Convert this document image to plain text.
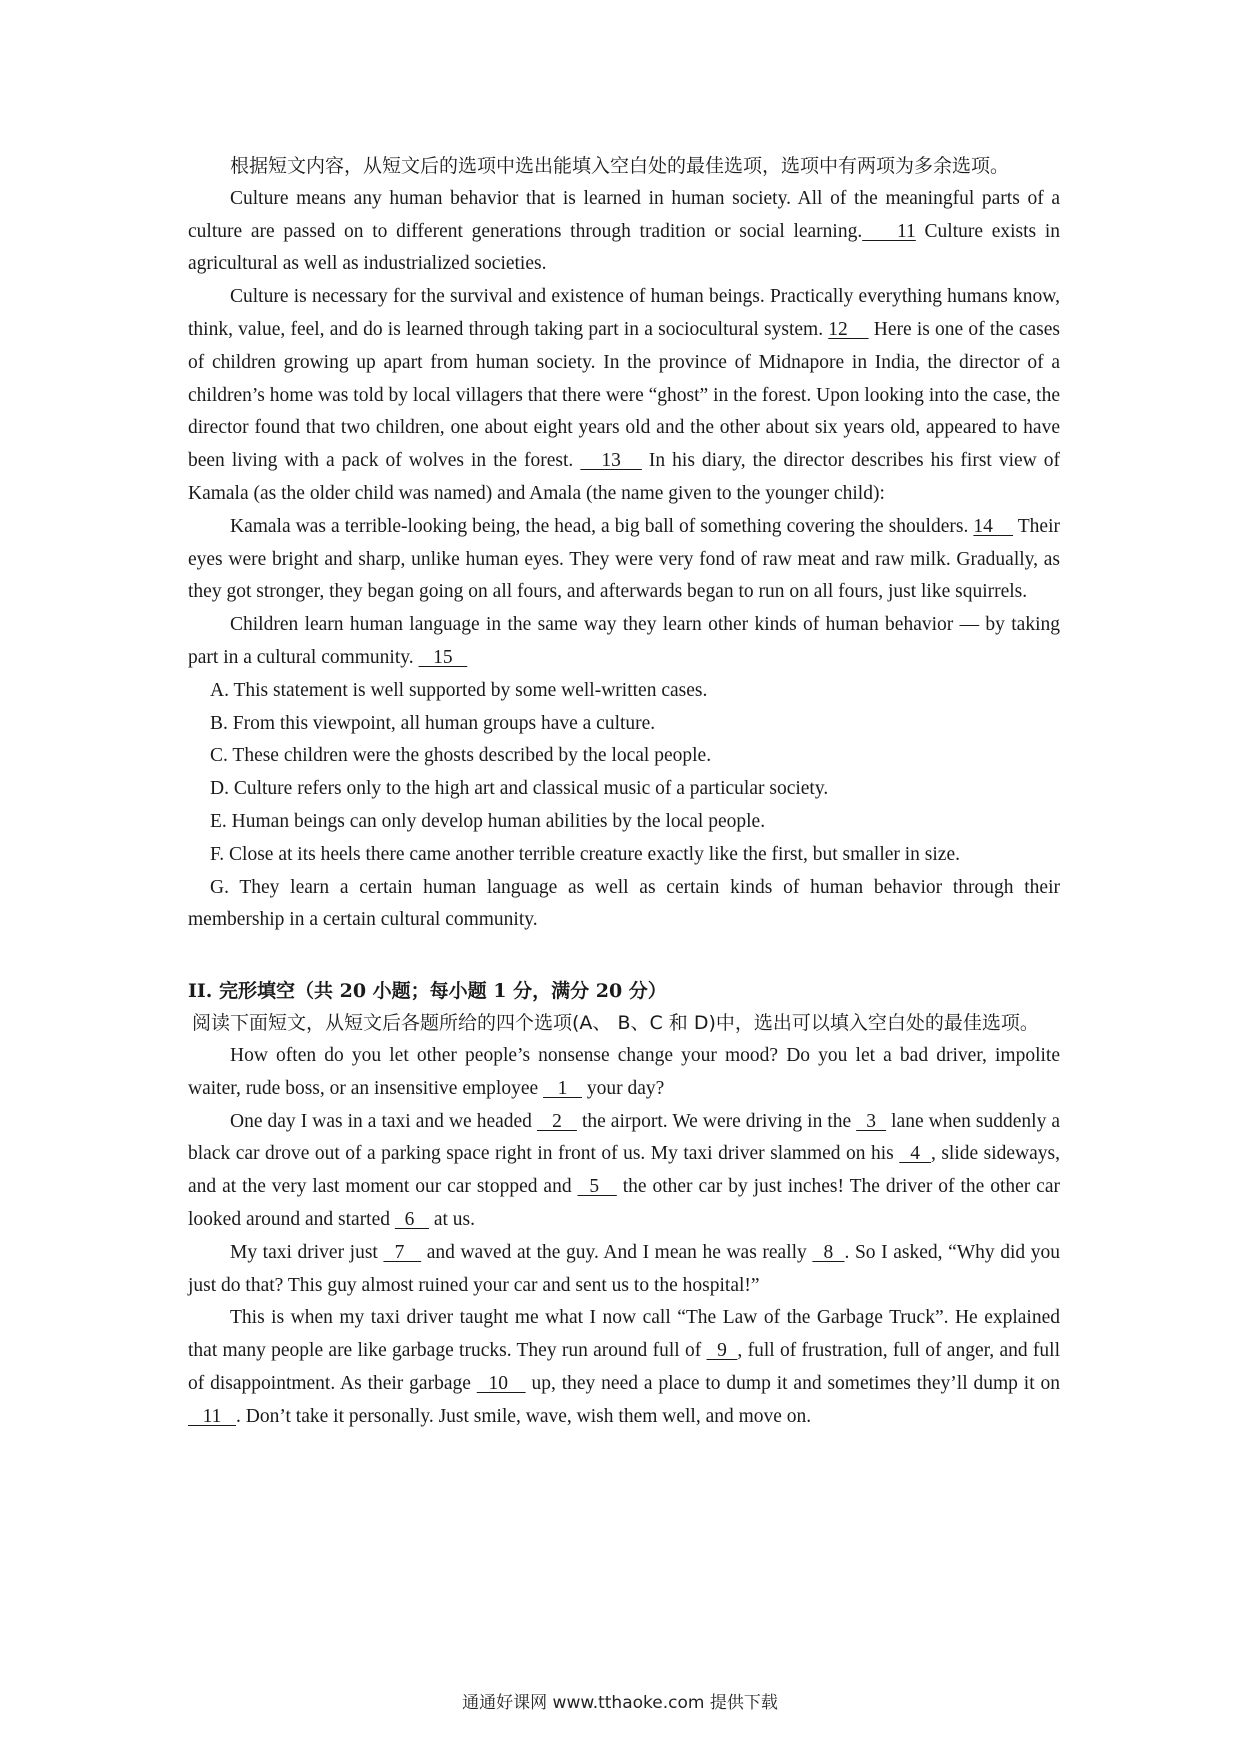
根据短文内容，从短文后的选项中选出能填入空白处的最佳选项，选项中有两项为多余选项。

Culture means any human behavior that is learned in human society. All of the meaningful parts of a culture are passed on to different generations through tradition or social learning.    11 Culture exists in agricultural as well as industrialized societies.

Culture is necessary for the survival and existence of human beings. Practically everything humans know, think, value, feel, and do is learned through taking part in a sociocultural system. 12     Here is one of the cases of children growing up apart from human society. In the province of Midnapore in India, the director of a children’s home was told by local villagers that there were “ghost” in the forest. Upon looking into the case, the director found that two children, one about eight years old and the other about six years old, appeared to have been living with a pack of wolves in the forest.    13    In his diary, the director describes his first view of Kamala (as the older child was named) and Amala (the name given to the younger child):

Kamala was a terrible-looking being, the head, a big ball of something covering the shoulders. 14     Their eyes were bright and sharp, unlike human eyes. They were very fond of raw meat and raw milk. Gradually, as they got stronger, they began going on all fours, and afterwards began to run on all fours, just like squirrels.

Children learn human language in the same way they learn other kinds of human behavior — by taking part in a cultural community.    15

A. This statement is well supported by some well-written cases.

B. From this viewpoint, all human groups have a culture.

C. These children were the ghosts described by the local people.

D. Culture refers only to the high art and classical music of a particular society.

E. Human beings can only develop human abilities by the local people.

F. Close at its heels there came another terrible creature exactly like the first, but smaller in size.

G. They learn a certain human language as well as certain kinds of human behavior through their membership in a certain cultural community.

II. 完形填空（共 20 小题；每小题 1 分，满分 20 分）

阅读下面短文，从短文后各题所给的四个选项(A、 B、C 和 D)中，选出可以填入空白处的最佳选项。

How often do you let other people’s nonsense change your mood? Do you let a bad driver, impolite waiter, rude boss, or an insensitive employee    1    your day?

One day I was in a taxi and we headed    2    the airport. We were driving in the   3   lane when suddenly a black car drove out of a parking space right in front of us. My taxi driver slammed on his   4  , slide sideways, and at the very last moment our car stopped and   5    the other car by just inches! The driver of the other car looked around and started   6    at us.

My taxi driver just   7    and waved at the guy. And I mean he was really   8  . So I asked, “Why did you just do that? This guy almost ruined your car and sent us to the hospital!”

This is when my taxi driver taught me what I now call “The Law of the Garbage Truck”. He explained that many people are like garbage trucks. They run around full of   9  , full of frustration, full of anger, and full of disappointment. As their garbage   10    up, they need a place to dump it and sometimes they’ll dump it on    11   . Don’t take it personally. Just smile, wave, wish them well, and move on.

通通好课网 www.tthaoke.com 提供下载
